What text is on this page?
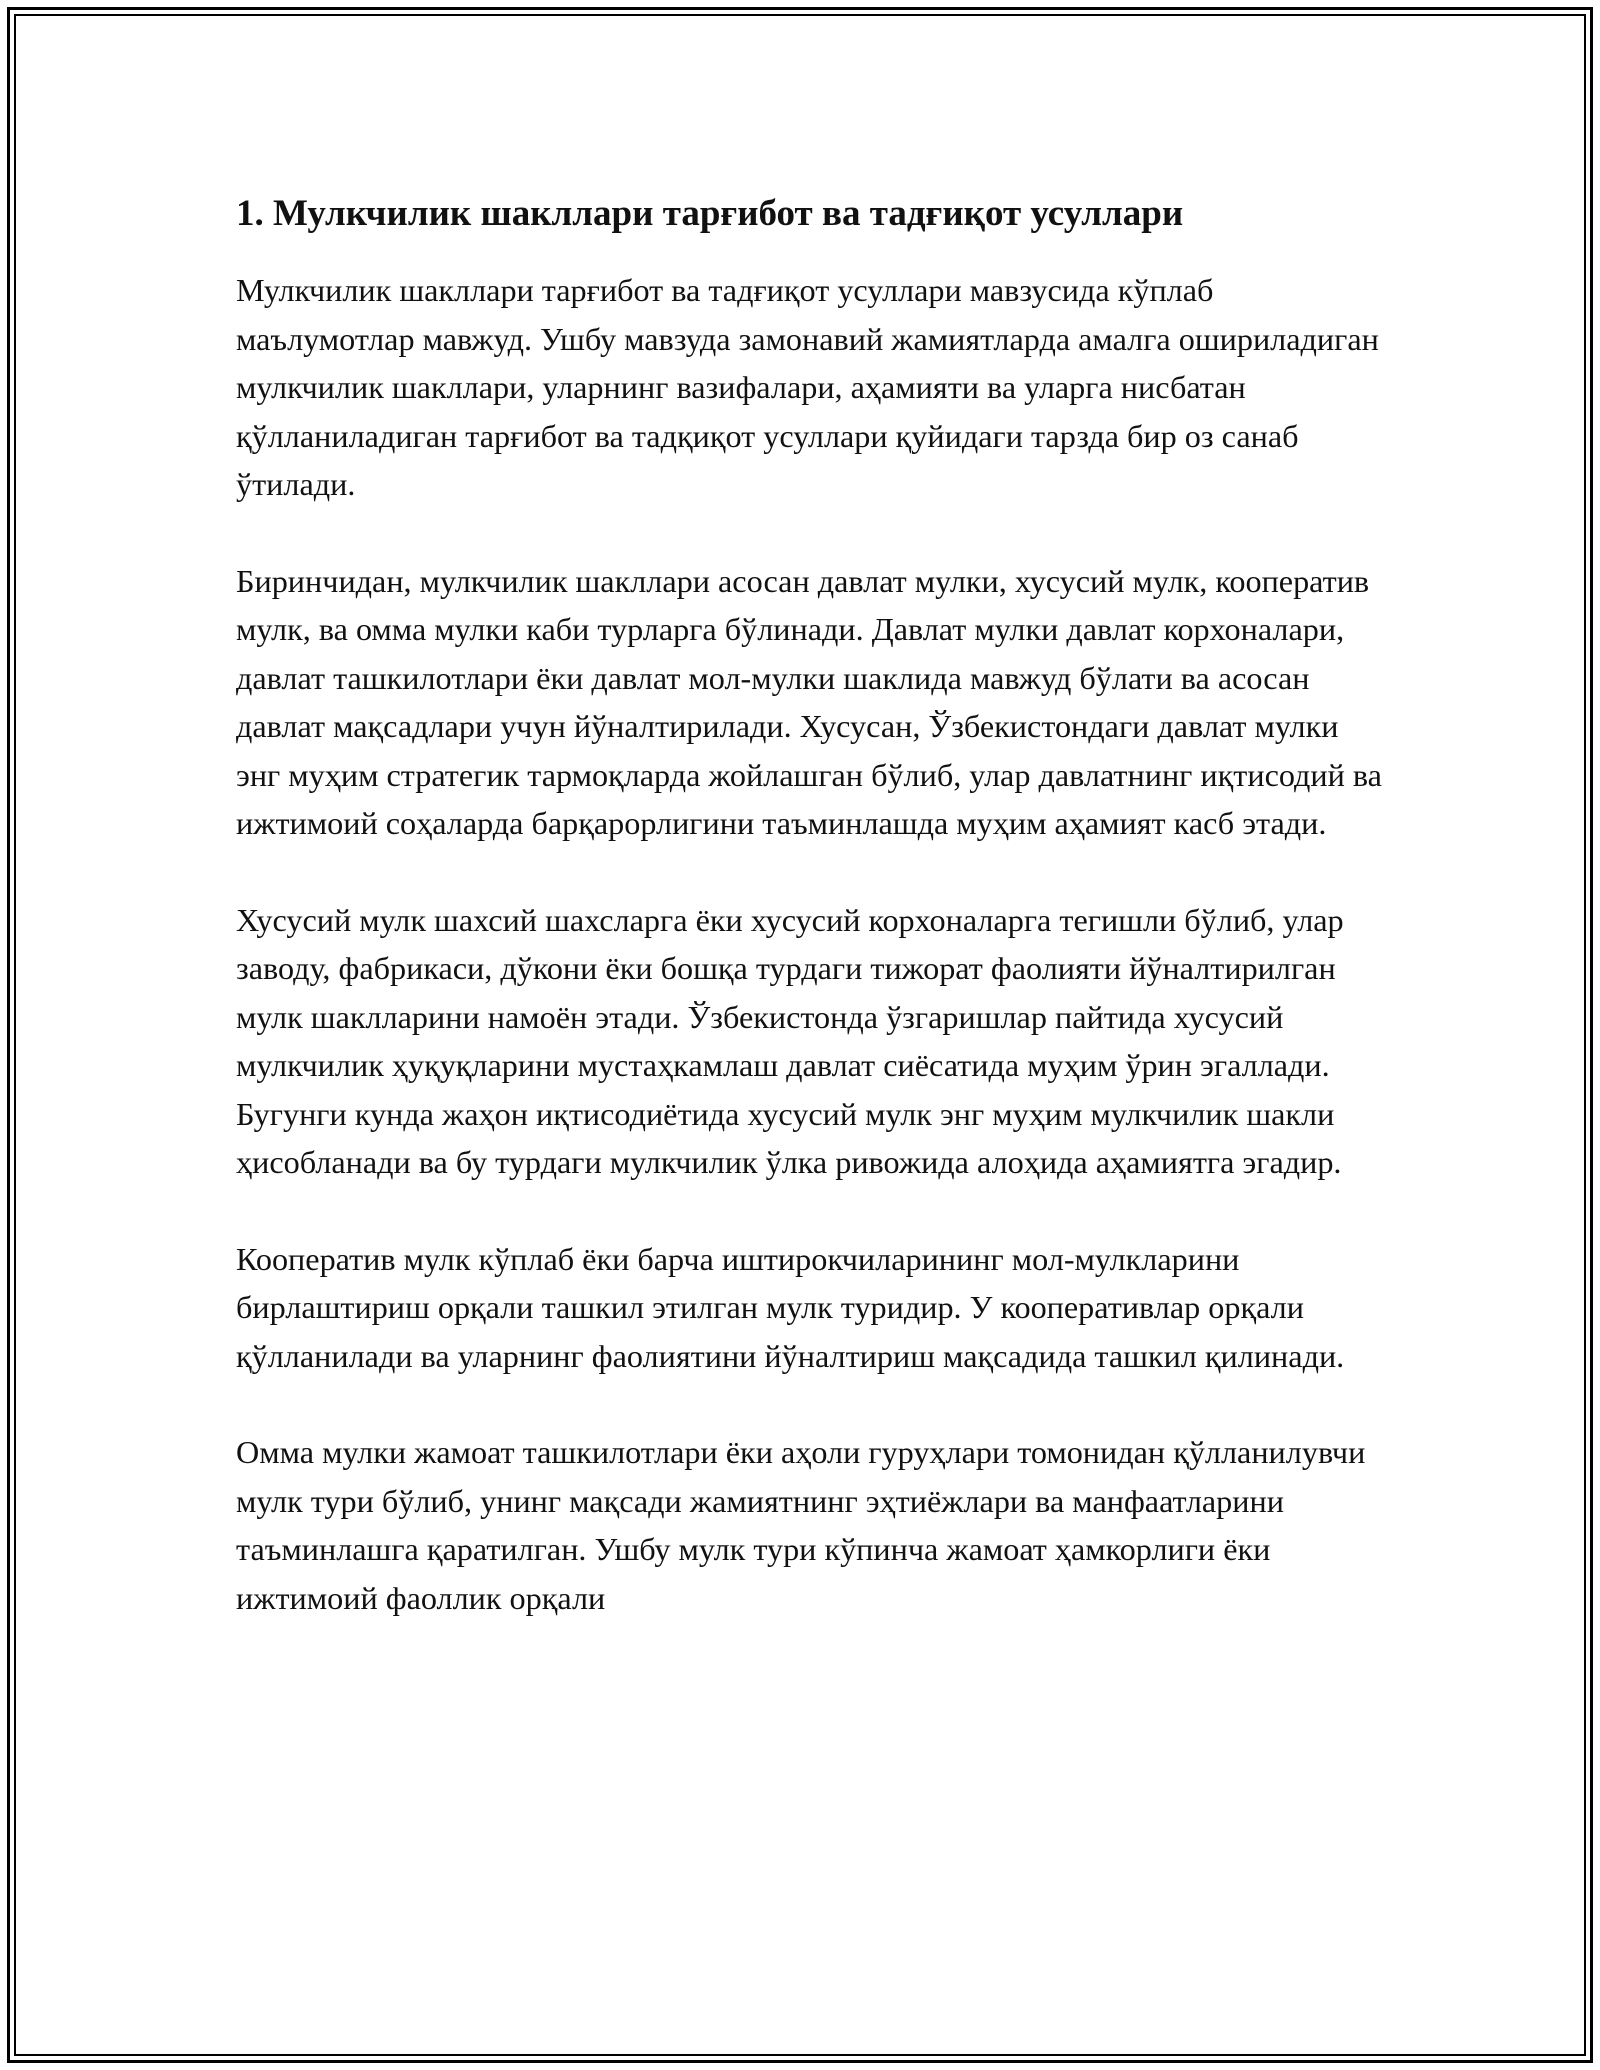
1. Мулкчилик шакллари тарғибот ва тадғиқот усуллари

Мулкчилик шакллари тарғибот ва тадғиқот усуллари мавзусида кўплаб маълумотлар мавжуд. Ушбу мавзуда замонавий жамиятларда амалга ошириладиган мулкчилик шакллари, уларнинг вазифалари, аҳамияти ва уларга нисбатан қўлланиладиган тарғибот ва тадқиқот усуллари қуйидаги тарзда бир оз санаб ўтилади.

Биринчидан, мулкчилик шакллари асосан давлат мулки, хусусий мулк, кооператив мулк, ва омма мулки каби турларга бўлинади. Давлат мулки давлат корхоналари, давлат ташкилотлари ёки давлат мол-мулки шаклида мавжуд бўлати ва асосан давлат мақсадлари учун йўналтирилади. Хусусан, Ўзбекистондаги давлат мулки энг муҳим стратегик тармоқларда жойлашган бўлиб, улар давлатнинг иқтисодий ва ижтимоий соҳаларда барқарорлигини таъминлашда муҳим аҳамият касб этади.

Хусусий мулк шахсий шахсларга ёки хусусий корхоналарга тегишли бўлиб, улар заводу, фабрикаси, дўкони ёки бошқа турдаги тижорат фаолияти йўналтирилган мулк шаклларини намоён этади. Ўзбекистонда ўзгаришлар пайтида хусусий мулкчилик ҳуқуқларини мустаҳкамлаш давлат сиёсатида муҳим ўрин эгаллади. Бугунги кунда жаҳон иқтисодиётида хусусий мулк энг муҳим мулкчилик шакли ҳисобланади ва бу турдаги мулкчилик ўлка ривожида алоҳида аҳамиятга эгадир.

Кооператив мулк кўплаб ёки барча иштирокчиларининг мол-мулкларини бирлаштириш орқали ташкил этилган мулк туридир. У кооперативлар орқали қўлланилади ва уларнинг фаолиятини йўналтириш мақсадида ташкил қилинади.

Омма мулки жамоат ташкилотлари ёки аҳоли гуруҳлари томонидан қўлланилувчи мулк тури бўлиб, унинг мақсади жамиятнинг эҳтиёжлари ва манфаатларини таъминлашга қаратилган. Ушбу мулк тури кўпинча жамоат ҳамкорлиги ёки ижтимоий фаоллик орқали
